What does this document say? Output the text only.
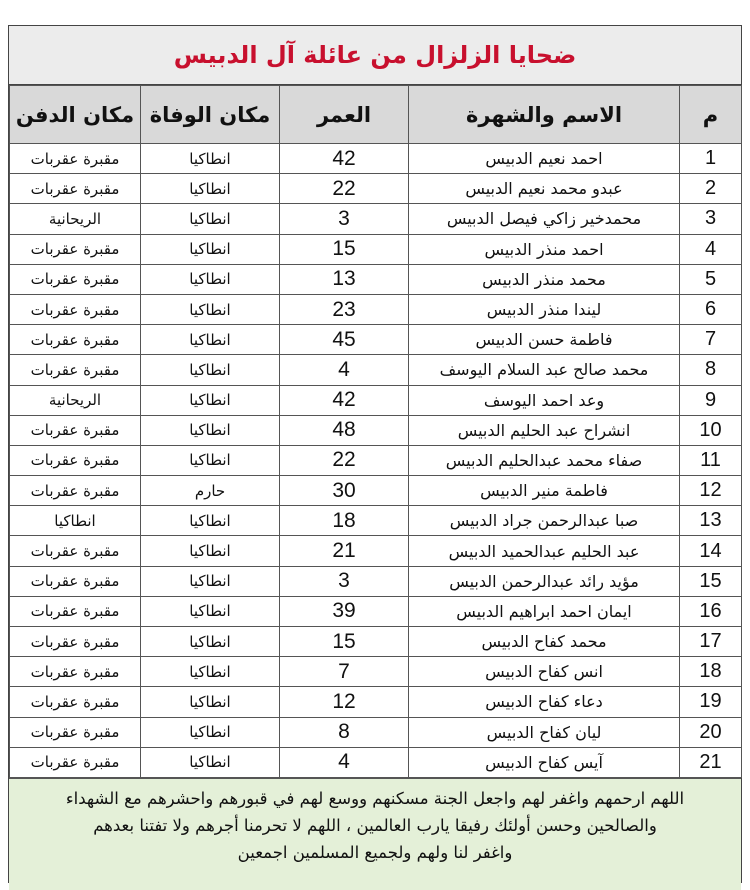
ضحايا الزلزال من عائلة آل الدبيس
م	الاسم والشهرة	العمر	مكان الوفاة	مكان الدفن
1	احمد نعيم الدبيس	42	انطاكيا	مقبرة عقربات
2	عبدو محمد نعيم الدبيس	22	انطاكيا	مقبرة عقربات
3	محمدخير زاكي فيصل الدبيس	3	انطاكيا	الريحانية
4	احمد منذر الدبيس	15	انطاكيا	مقبرة عقربات
5	محمد منذر الدبيس	13	انطاكيا	مقبرة عقربات
6	ليندا منذر الدبيس	23	انطاكيا	مقبرة عقربات
7	فاطمة حسن الدبيس	45	انطاكيا	مقبرة عقربات
8	محمد صالح عبد السلام اليوسف	4	انطاكيا	مقبرة عقربات
9	وعد احمد اليوسف	42	انطاكيا	الريحانية
10	انشراح عبد الحليم الدبيس	48	انطاكيا	مقبرة عقربات
11	صفاء محمد عبدالحليم الدبيس	22	انطاكيا	مقبرة عقربات
12	فاطمة منير الدبيس	30	حارم	مقبرة عقربات
13	صبا عبدالرحمن جراد الدبيس	18	انطاكيا	انطاكيا
14	عبد الحليم عبدالحميد الدبيس	21	انطاكيا	مقبرة عقربات
15	مؤيد رائد عبدالرحمن الدبيس	3	انطاكيا	مقبرة عقربات
16	ايمان احمد ابراهيم الدبيس	39	انطاكيا	مقبرة عقربات
17	محمد كفاح الدبيس	15	انطاكيا	مقبرة عقربات
18	انس كفاح الدبيس	7	انطاكيا	مقبرة عقربات
19	دعاء كفاح الدبيس	12	انطاكيا	مقبرة عقربات
20	ليان كفاح الدبيس	8	انطاكيا	مقبرة عقربات
21	آيس كفاح الدبيس	4	انطاكيا	مقبرة عقربات
اللهم ارحمهم واغفر لهم واجعل الجنة مسكنهم ووسع لهم في قبورهم واحشرهم مع الشهداء
والصالحين وحسن أولئك رفيقا يارب العالمين ، اللهم لا تحرمنا أجرهم ولا تفتنا بعدهم
واغفر لنا ولهم ولجميع المسلمين اجمعين
